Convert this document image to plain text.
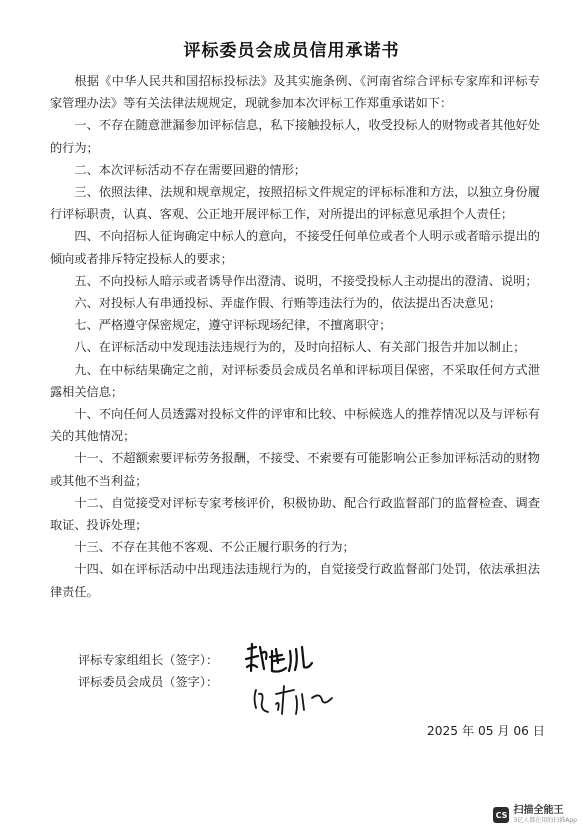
评标委员会成员信用承诺书

根据《中华人民共和国招标投标法》及其实施条例、《河南省综合评标专家库和评标专家管理办法》等有关法律法规规定，现就参加本次评标工作郑重承诺如下：

一、不存在随意泄漏参加评标信息，私下接触投标人，收受投标人的财物或者其他好处的行为；

二、本次评标活动不存在需要回避的情形；

三、依照法律、法规和规章规定，按照招标文件规定的评标标准和方法，以独立身份履行评标职责，认真、客观、公正地开展评标工作，对所提出的评标意见承担个人责任；

四、不向招标人征询确定中标人的意向，不接受任何单位或者个人明示或者暗示提出的倾向或者排斥特定投标人的要求；

五、不向投标人暗示或者诱导作出澄清、说明，不接受投标人主动提出的澄清、说明；

六、对投标人有串通投标、弄虚作假、行贿等违法行为的，依法提出否决意见；

七、严格遵守保密规定，遵守评标现场纪律，不擅离职守；

八、在评标活动中发现违法违规行为的，及时向招标人、有关部门报告并加以制止；

九、在中标结果确定之前，对评标委员会成员名单和评标项目保密，不采取任何方式泄露相关信息；

十、不向任何人员透露对投标文件的评审和比较、中标候选人的推荐情况以及与评标有关的其他情况；

十一、不超额索要评标劳务报酬，不接受、不索要有可能影响公正参加评标活动的财物或其他不当利益；

十二、自觉接受对评标专家考核评价，积极协助、配合行政监督部门的监督检查、调查取证、投诉处理；

十三、不存在其他不客观、不公正履行职务的行为；

十四、如在评标活动中出现违法违规行为的，自觉接受行政监督部门处罚，依法承担法律责任。

评标专家组组长（签字）：
评标委员会成员（签字）：
2025 年 05 月 06 日
CS 扫描全能王
3亿人都在用的扫描App
